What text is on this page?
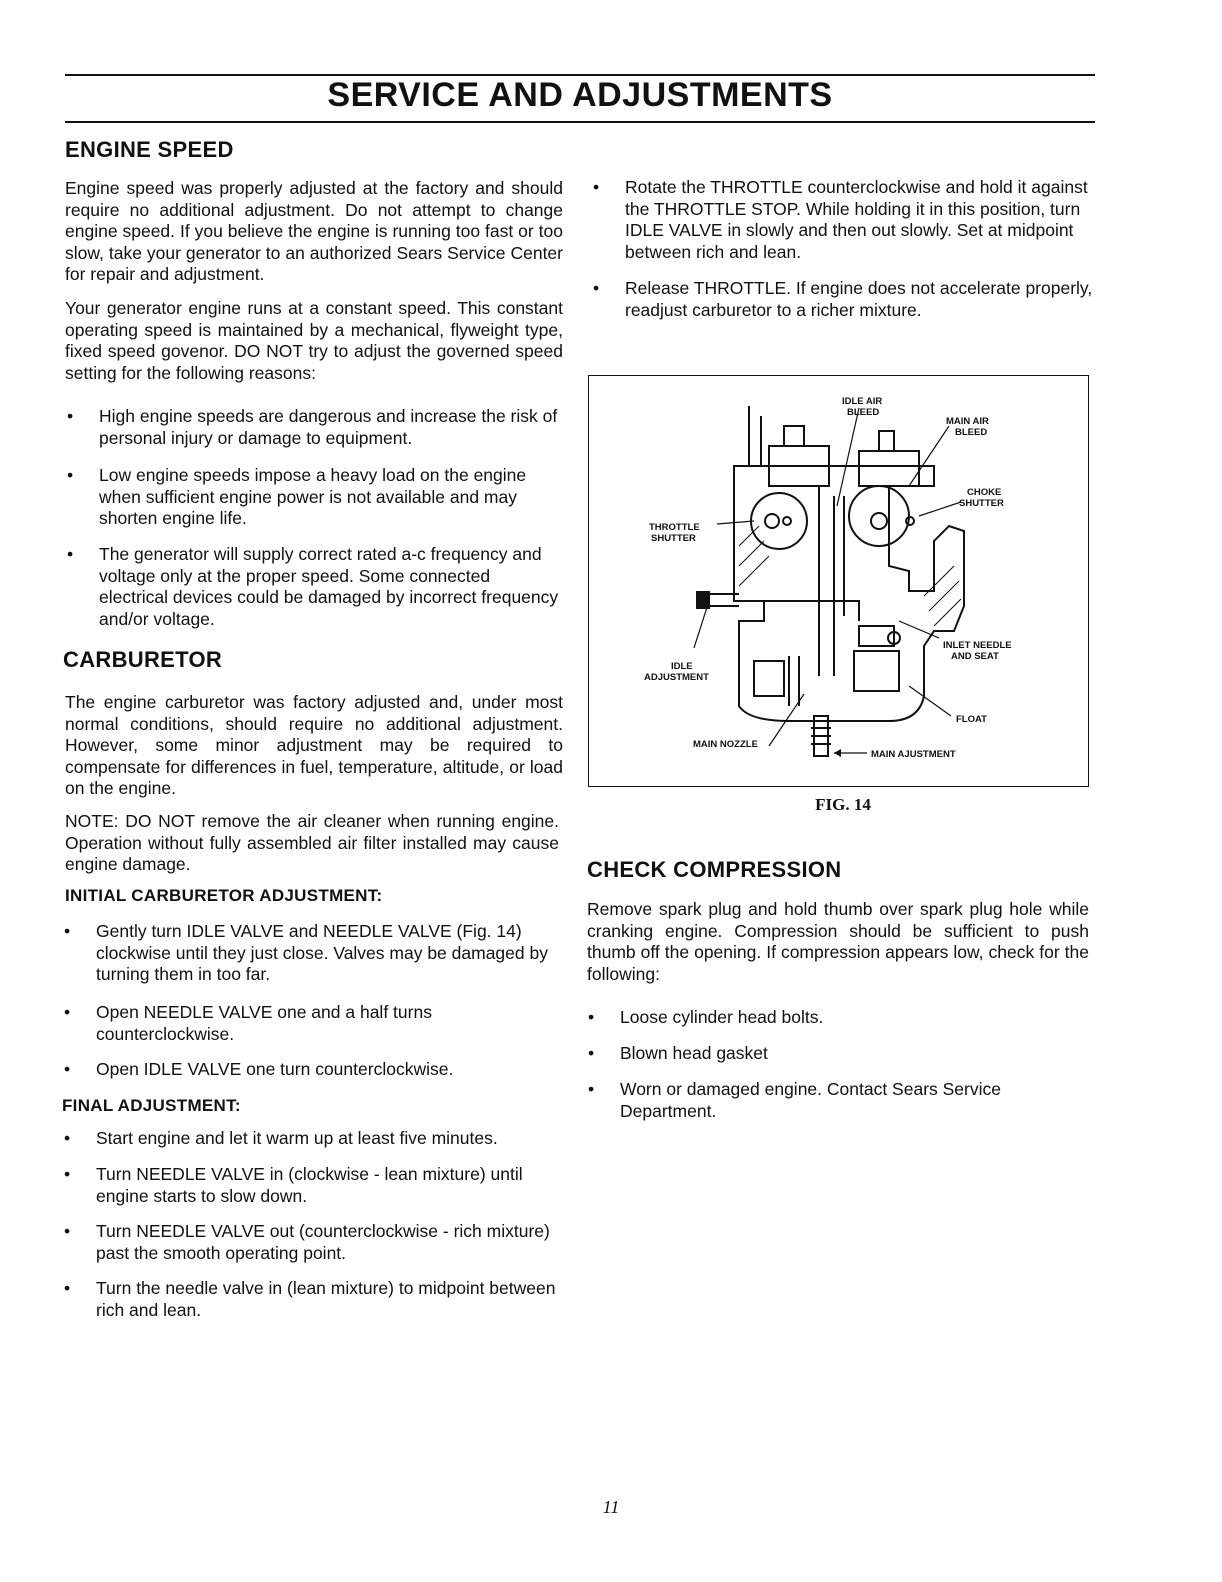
SERVICE AND ADJUSTMENTS
ENGINE SPEED

Engine speed was properly adjusted at the factory and should require no additional adjustment. Do not attempt to change engine speed. If you believe the engine is running too fast or too slow, take your generator to an authorized Sears Service Center for repair and adjustment.

Your generator engine runs at a constant speed. This constant operating speed is maintained by a mechanical, flyweight type, fixed speed govenor. DO NOT try to adjust the governed speed setting for the following reasons:

• High engine speeds are dangerous and increase the risk of personal injury or damage to equipment.
• Low engine speeds impose a heavy load on the engine when sufficient engine power is not available and may shorten engine life.
• The generator will supply correct rated a-c frequency and voltage only at the proper speed. Some connected electrical devices could be damaged by incorrect frequency and/or voltage.
CARBURETOR

The engine carburetor was factory adjusted and, under most normal conditions, should require no additional adjustment. However, some minor adjustment may be required to compensate for differences in fuel, temperature, altitude, or load on the engine.

NOTE: DO NOT remove the air cleaner when running engine. Operation without fully assembled air filter installed may cause engine damage.

INITIAL CARBURETOR ADJUSTMENT:
• Gently turn IDLE VALVE and NEEDLE VALVE (Fig. 14) clockwise until they just close. Valves may be damaged by turning them in too far.
• Open NEEDLE VALVE one and a half turns counterclockwise.
• Open IDLE VALVE one turn counterclockwise.
FINAL ADJUSTMENT:
• Start engine and let it warm up at least five minutes.
• Turn NEEDLE VALVE in (clockwise - lean mixture) until engine starts to slow down.
• Turn NEEDLE VALVE out (counterclockwise - rich mixture) past the smooth operating point.
• Turn the needle valve in (lean mixture) to midpoint between rich and lean.
• Rotate the THROTTLE counterclockwise and hold it against the THROTTLE STOP. While holding it in this position, turn IDLE VALVE in slowly and then out slowly. Set at midpoint between rich and lean.
• Release THROTTLE. If engine does not accelerate properly, readjust carburetor to a richer mixture.
IDLE AIR
BLEED
MAIN AIR
BLEED
CHOKE
SHUTTER
THROTTLE
SHUTTER
INLET NEEDLE
AND SEAT
IDLE
ADJUSTMENT
FLOAT
MAIN NOZZLE
MAIN AJUSTMENT
FIG. 14
CHECK COMPRESSION

Remove spark plug and hold thumb over spark plug hole while cranking engine. Compression should be sufficient to push thumb off the opening. If compression appears low, check for the following:

• Loose cylinder head bolts.
• Blown head gasket
• Worn or damaged engine. Contact Sears Service Department.
11
